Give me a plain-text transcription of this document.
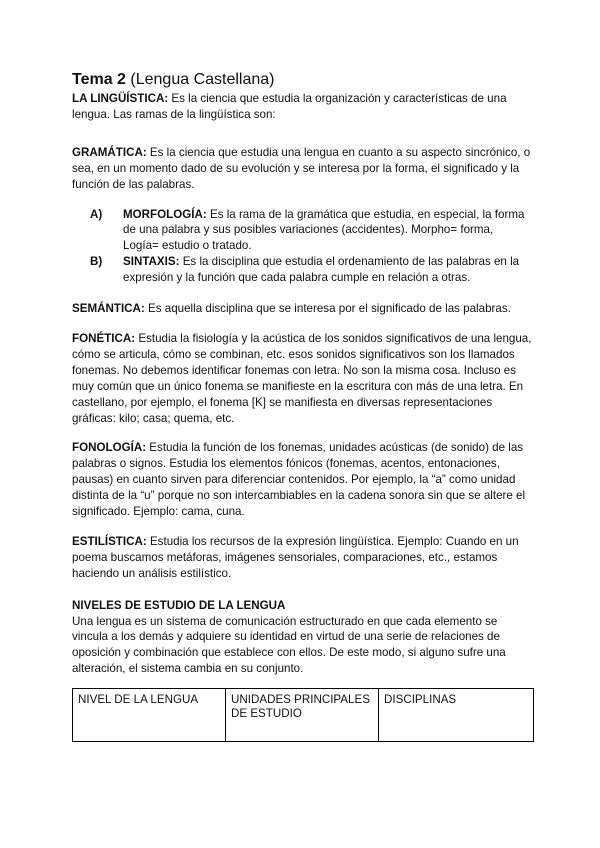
Tema 2 (Lengua Castellana)

LA LINGÜÍSTICA: Es la ciencia que estudia la organización y características de una lengua. Las ramas de la lingüística son:

GRAMÁTICA: Es la ciencia que estudia una lengua en cuanto a su aspecto sincrónico, o sea, en un momento dado de su evolución y se interesa por la forma, el significado y la función de las palabras.

A) MORFOLOGÍA: Es la rama de la gramática que estudia, en especial, la forma de una palabra y sus posibles variaciones (accidentes). Morpho= forma, Logía= estudio o tratado.
B) SINTAXIS: Es la disciplina que estudia el ordenamiento de las palabras en la expresión y la función que cada palabra cumple en relación a otras.

SEMÁNTICA: Es aquella disciplina que se interesa por el significado de las palabras.

FONÉTICA: Estudia la fisiología y la acústica de los sonidos significativos de una lengua, cómo se articula, cómo se combinan, etc. esos sonidos significativos son los llamados fonemas. No debemos identificar fonemas con letra. No son la misma cosa. Incluso es muy común que un único fonema se manifieste en la escritura con más de una letra. En castellano, por ejemplo, el fonema [K] se manifiesta en diversas representaciones gráficas: kilo; casa; quema, etc.

FONOLOGÍA: Estudia la función de los fonemas, unidades acústicas (de sonido) de las palabras o signos. Estudia los elementos fónicos (fonemas, acentos, entonaciones, pausas) en cuanto sirven para diferenciar contenidos. Por ejemplo, la “a” como unidad distinta de la “u” porque no son intercambiables en la cadena sonora sin que se altere el significado. Ejemplo: cama, cuna.

ESTILÍSTICA: Estudia los recursos de la expresión lingüística. Ejemplo: Cuando en un poema buscamos metáforas, imágenes sensoriales, comparaciones, etc., estamos haciendo un análisis estilístico.

NIVELES DE ESTUDIO DE LA LENGUA

Una lengua es un sistema de comunicación estructurado en que cada elemento se vincula a los demás y adquiere su identidad en virtud de una serie de relaciones de oposición y combinación que establece con ellos. De este modo, si alguno sufre una alteración, el sistema cambia en su conjunto.

NIVEL DE LA LENGUA	UNIDADES PRINCIPALES DE ESTUDIO	DISCIPLINAS
